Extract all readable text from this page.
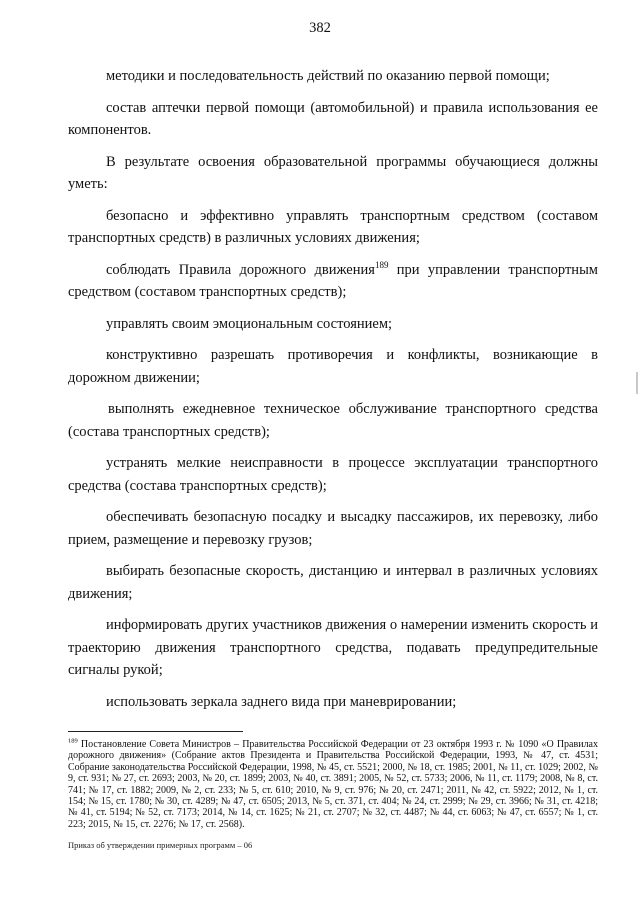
382

методики и последовательность действий по оказанию первой помощи;

состав аптечки первой помощи (автомобильной) и правила использования ее компонентов.

В результате освоения образовательной программы обучающиеся должны уметь:

безопасно и эффективно управлять транспортным средством (составом транспортных средств) в различных условиях движения;

соблюдать Правила дорожного движения$^{189}$ при управлении транспортным средством (составом транспортных средств);

управлять своим эмоциональным состоянием;

конструктивно разрешать противоречия и конфликты, возникающие в дорожном движении;

выполнять ежедневное техническое обслуживание транспортного средства (состава транспортных средств);

устранять мелкие неисправности в процессе эксплуатации транспортного средства (состава транспортных средств);

обеспечивать безопасную посадку и высадку пассажиров, их перевозку, либо прием, размещение и перевозку грузов;

выбирать безопасные скорость, дистанцию и интервал в различных условиях движения;

информировать других участников движения о намерении изменить скорость и траекторию движения транспортного средства, подавать предупредительные сигналы рукой;

использовать зеркала заднего вида при маневрировании;

$^{189}$ Постановление Совета Министров – Правительства Российской Федерации от 23 октября 1993 г. № 1090 «О Правилах дорожного движения» (Собрание актов Президента и Правительства Российской Федерации, 1993, № 47, ст. 4531; Собрание законодательства Российской Федерации, 1998, № 45, ст. 5521; 2000, № 18, ст. 1985; 2001, № 11, ст. 1029; 2002, № 9, ст. 931; № 27, ст. 2693; 2003, № 20, ст. 1899; 2003, № 40, ст. 3891; 2005, № 52, ст. 5733; 2006, № 11, ст. 1179; 2008, № 8, ст. 741; № 17, ст. 1882; 2009, № 2, ст. 233; № 5, ст. 610; 2010, № 9, ст. 976; № 20, ст. 2471; 2011, № 42, ст. 5922; 2012, № 1, ст. 154; № 15, ст. 1780; № 30, ст. 4289; № 47, ст. 6505; 2013, № 5, ст. 371, ст. 404; № 24, ст. 2999; № 29, ст. 3966; № 31, ст. 4218; № 41, ст. 5194; № 52, ст. 7173; 2014, № 14, ст. 1625; № 21, ст. 2707; № 32, ст. 4487; № 44, ст. 6063; № 47, ст. 6557; № 1, ст. 223; 2015, № 15, ст. 2276; № 17, ст. 2568).

Приказ об утверждении примерных программ – 06
